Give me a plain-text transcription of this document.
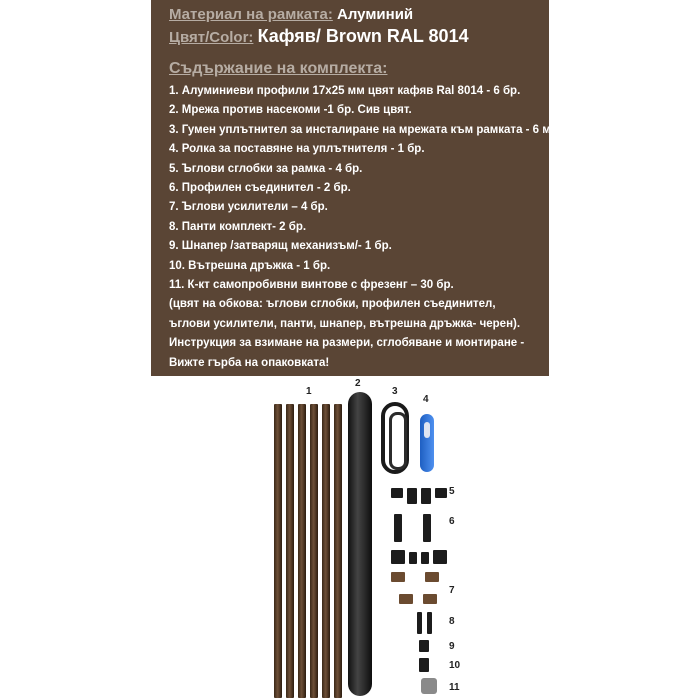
Материал на рамката: Алуминий
Цвят/Color: Кафяв/ Brown RAL 8014
Съдържание на комплекта:
1. Алуминиеви профили 17x25 мм цвят кафяв Ral 8014 - 6 бр.
2. Мрежа против насекоми -1 бр. Сив цвят.
3. Гумен уплътнител за инсталиране на мрежата към рамката - 6 м.
4. Ролка за поставяне на уплътнителя - 1 бр.
5. Ъглови сглобки за рамка - 4 бр.
6. Профилен съединител - 2 бр.
7. Ъглови усилители – 4 бр.
8. Панти комплект- 2 бр.
9. Шнапер /затварящ механизъм/- 1 бр.
10. Вътрешна дръжка - 1 бр.
11. К-кт самопробивни винтове с фрезенг – 30 бр.
(цвят на обкова: ъглови сглобки, профилен съединител,
ъглови усилители, панти, шнапер, вътрешна дръжка- черен).
Инструкция за взимане на размери, сглобяване и монтиране -
Вижте гърба на опаковката!
1
2
3
4
5
6
7
8
9
10
11
